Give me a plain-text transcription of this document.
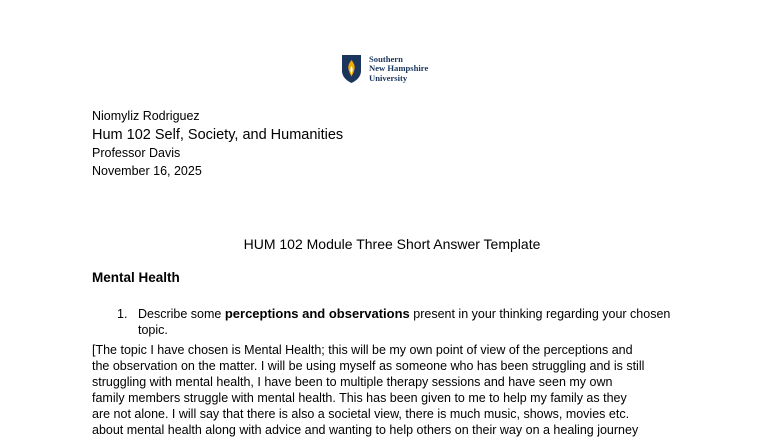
Southern
New Hampshire
University
Niomyliz Rodriguez
Hum 102 Self, Society, and Humanities
Professor Davis
November 16, 2025
HUM 102 Module Three Short Answer Template
Mental Health
1. Describe some perceptions and observations present in your thinking regarding your chosen
topic.
[The topic I have chosen is Mental Health; this will be my own point of view of the perceptions and
the observation on the matter. I will be using myself as someone who has been struggling and is still
struggling with mental health, I have been to multiple therapy sessions and have seen my own
family members struggle with mental health. This has been given to me to help my family as they
are not alone. I will say that there is also a societal view, there is much music, shows, movies etc.
about mental health along with advice and wanting to help others on their way on a healing journey
